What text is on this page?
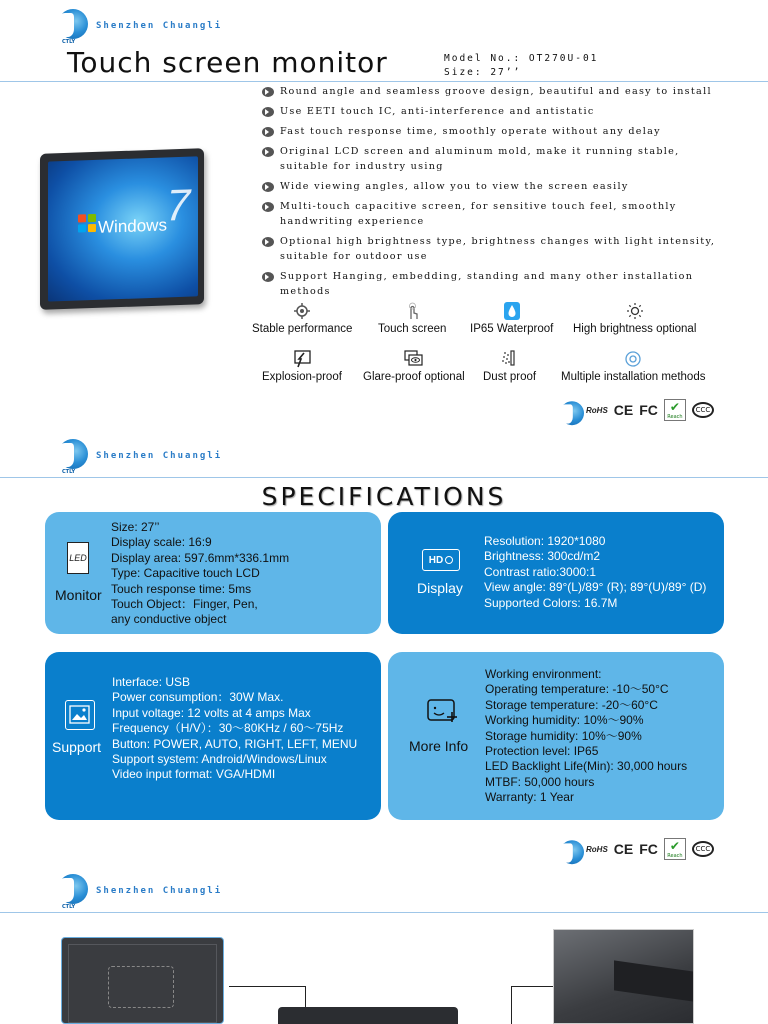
CTLY
Shenzhen Chuangli
Touch screen monitor	Model No.: OT270U-01
Size: 27’’
Windows
7
Round angle and seamless groove design, beautiful and easy to install
Use EETI touch IC, anti-interference and antistatic
Fast touch response time, smoothly operate without any delay
Original LCD screen and aluminum mold, make it running stable, suitable for industry using
Wide viewing angles, allow you to view the screen easily
Multi-touch capacitive screen, for sensitive touch feel, smoothly handwriting experience
Optional high brightness type, brightness changes with light intensity, suitable for outdoor use
Support Hanging, embedding, standing and many other installation methods
Stable performance Touch screen IP65 Waterproof High brightness optional
Explosion-proof Glare-proof optional Dust proof Multiple installation methods
RoHS CE FC	✔ Reach
CCC
CTLY
Shenzhen Chuangli
SPECIFICATIONS
LED
Monitor
Size: 27’’
Display scale: 16:9
Display area: 597.6mm*336.1mm
Type: Capacitive touch LCD
Touch response time: 5ms
Touch Object：Finger, Pen,
any conductive object
HD
Display
Resolution: 1920*1080
Brightness: 300cd/m2
Contrast ratio:3000:1
View angle: 89°(L)/89° (R); 89°(U)/89° (D)
Supported Colors: 16.7M
Support
Interface: USB
Power consumption：30W Max.
Input voltage: 12 volts at 4 amps Max
Frequency（H/V）：30～80KHz / 60～75Hz
Button: POWER, AUTO, RIGHT, LEFT, MENU
Support system: Android/Windows/Linux
Video input format: VGA/HDMI
More Info
Working environment:
Operating temperature: -10～50°C
Storage temperature: -20～60°C
Working humidity: 10%～90%
Storage humidity: 10%～90%
Protection level: IP65
LED Backlight Life(Min): 30,000 hours
MTBF: 50,000 hours
Warranty: 1 Year
RoHS CE FC	✔ Reach
CCC
CTLY
Shenzhen Chuangli
